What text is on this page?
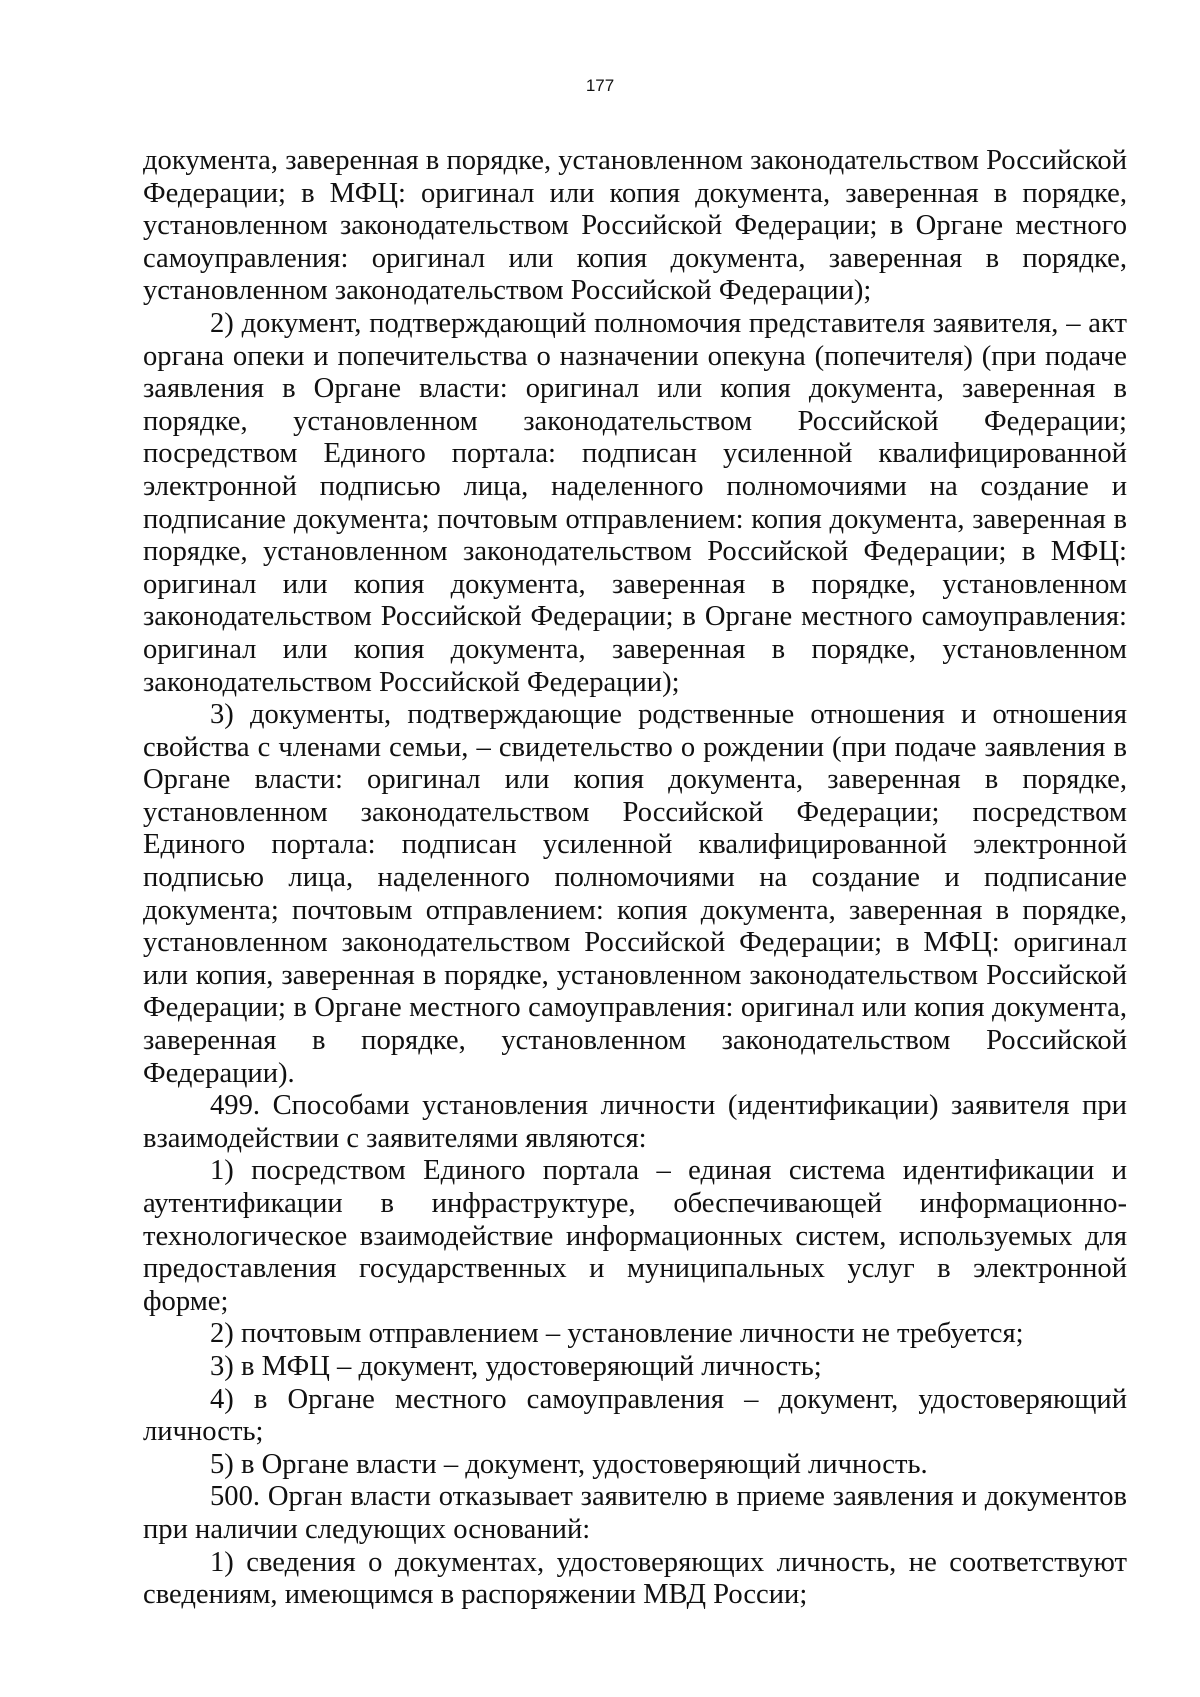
177

документа, заверенная в порядке, установленном законодательством Российской Федерации; в МФЦ: оригинал или копия документа, заверенная в порядке, установленном законодательством Российской Федерации; в Органе местного самоуправления: оригинал или копия документа, заверенная в порядке, установленном законодательством Российской Федерации);

2) документ, подтверждающий полномочия представителя заявителя, – акт органа опеки и попечительства о назначении опекуна (попечителя) (при подаче заявления в Органе власти: оригинал или копия документа, заверенная в порядке, установленном законодательством Российской Федерации; посредством Единого портала: подписан усиленной квалифицированной электронной подписью лица, наделенного полномочиями на создание и подписание документа; почтовым отправлением: копия документа, заверенная в порядке, установленном законодательством Российской Федерации; в МФЦ: оригинал или копия документа, заверенная в порядке, установленном законодательством Российской Федерации; в Органе местного самоуправления: оригинал или копия документа, заверенная в порядке, установленном законодательством Российской Федерации);

3) документы, подтверждающие родственные отношения и отношения свойства с членами семьи, – свидетельство о рождении (при подаче заявления в Органе власти: оригинал или копия документа, заверенная в порядке, установленном законодательством Российской Федерации; посредством Единого портала: подписан усиленной квалифицированной электронной подписью лица, наделенного полномочиями на создание и подписание документа; почтовым отправлением: копия документа, заверенная в порядке, установленном законодательством Российской Федерации; в МФЦ: оригинал или копия, заверенная в порядке, установленном законодательством Российской Федерации; в Органе местного самоуправления: оригинал или копия документа, заверенная в порядке, установленном законодательством Российской Федерации).

499. Способами установления личности (идентификации) заявителя при взаимодействии с заявителями являются:

1) посредством Единого портала – единая система идентификации и аутентификации в инфраструктуре, обеспечивающей информационно-технологическое взаимодействие информационных систем, используемых для предоставления государственных и муниципальных услуг в электронной форме;

2) почтовым отправлением – установление личности не требуется;

3) в МФЦ – документ, удостоверяющий личность;

4) в Органе местного самоуправления – документ, удостоверяющий личность;

5) в Органе власти – документ, удостоверяющий личность.

500. Орган власти отказывает заявителю в приеме заявления и документов при наличии следующих оснований:

1) сведения о документах, удостоверяющих личность, не соответствуют сведениям, имеющимся в распоряжении МВД России;
